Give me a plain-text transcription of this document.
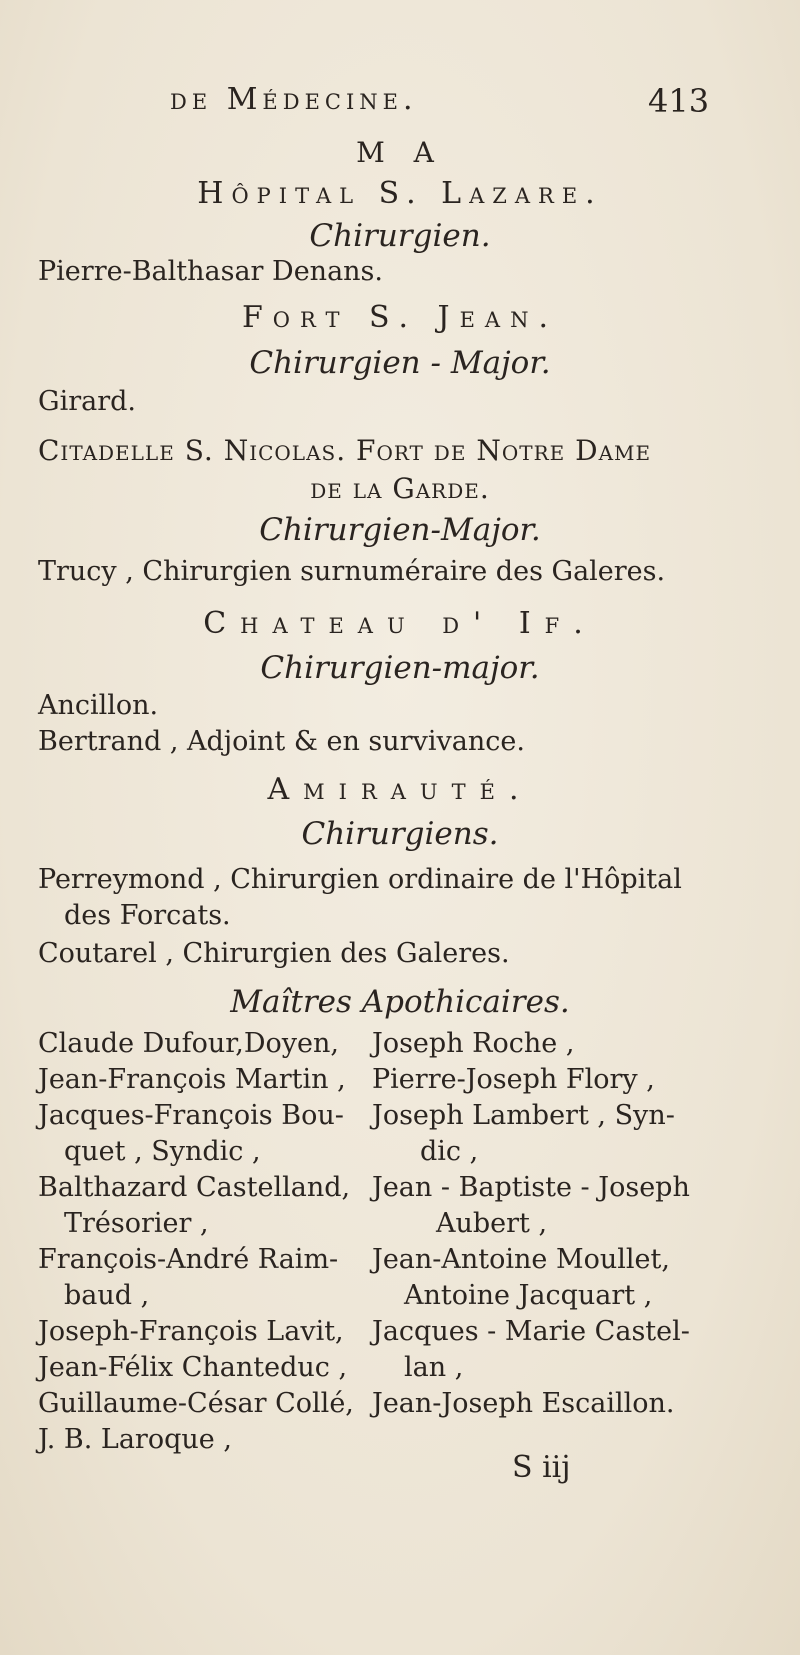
de Médecine.	413
M A
Hôpital S. Lazare.
Chirurgien.
Pierre-Balthasar Denans.
Fort S. Jean.
Chirurgien - Major.
Girard.
Citadelle S. Nicolas. Fort de Notre Dame
de la Garde.
Chirurgien-Major.
Trucy , Chirurgien surnuméraire des Galeres.
Chateau d' If.
Chirurgien-major.
Ancillon.
Bertrand , Adjoint & en survivance.
Amirauté.
Chirurgiens.
Perreymond , Chirurgien ordinaire de l'Hôpital
des Forcats.
Coutarel , Chirurgien des Galeres.
Maîtres Apothicaires.
Claude Dufour,Doyen,
Jean-François Martin ,
Jacques-François Bou-
quet , Syndic ,
Balthazard Castelland,
Trésorier ,
François-André Raim-
baud ,
Joseph-François Lavit,
Jean-Félix Chanteduc ,
Guillaume-César Collé,
J. B. Laroque ,
Joseph Roche ,
Pierre-Joseph Flory ,
Joseph Lambert , Syn-
dic ,
Jean - Baptiste - Joseph
Aubert ,
Jean-Antoine Moullet,
Antoine Jacquart ,
Jacques - Marie Castel-
lan ,
Jean-Joseph Escaillon.
S iij
